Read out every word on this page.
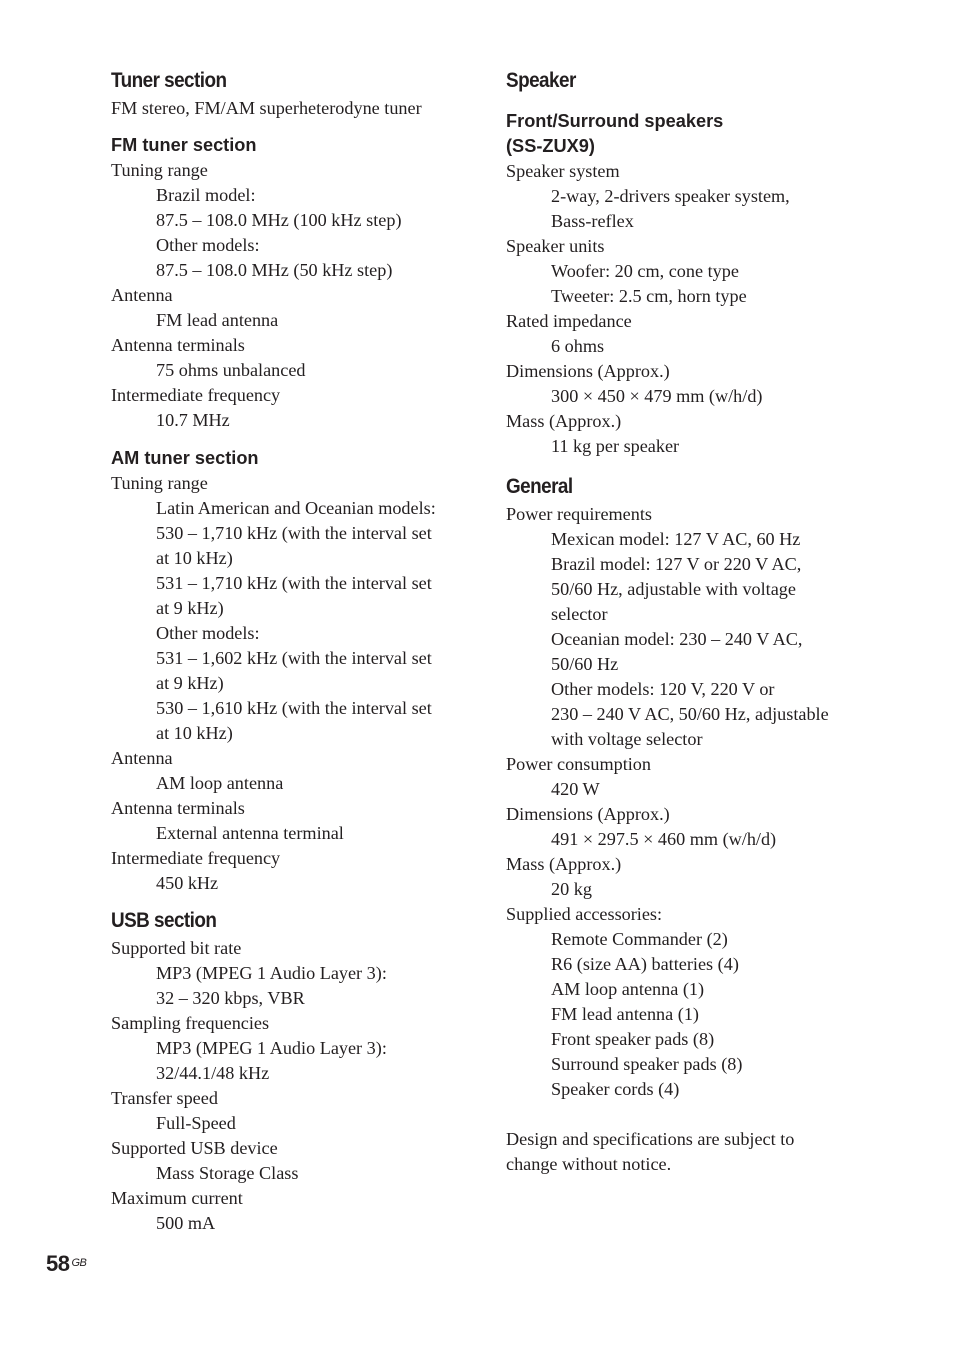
Tuner section
FM stereo, FM/AM superheterodyne tuner
FM tuner section
Tuning range
Brazil model:
87.5 – 108.0 MHz (100 kHz step)
Other models:
87.5 – 108.0 MHz (50 kHz step)
Antenna
FM lead antenna
Antenna terminals
75 ohms unbalanced
Intermediate frequency
10.7 MHz
AM tuner section
Tuning range
Latin American and Oceanian models:
530 – 1,710 kHz (with the interval set
at 10 kHz)
531 – 1,710 kHz (with the interval set
at 9 kHz)
Other models:
531 – 1,602 kHz (with the interval set
at 9 kHz)
530 – 1,610 kHz (with the interval set
at 10 kHz)
Antenna
AM loop antenna
Antenna terminals
External antenna terminal
Intermediate frequency
450 kHz
USB section
Supported bit rate
MP3 (MPEG 1 Audio Layer 3):
32 – 320 kbps, VBR
Sampling frequencies
MP3 (MPEG 1 Audio Layer 3):
32/44.1/48 kHz
Transfer speed
Full-Speed
Supported USB device
Mass Storage Class
Maximum current
500 mA
Speaker
Front/Surround speakers
(SS-ZUX9)
Speaker system
2-way, 2-drivers speaker system,
Bass-reflex
Speaker units
Woofer: 20 cm, cone type
Tweeter: 2.5 cm, horn type
Rated impedance
6 ohms
Dimensions (Approx.)
300 × 450 × 479 mm (w/h/d)
Mass (Approx.)
11 kg per speaker
General
Power requirements
Mexican model: 127 V AC, 60 Hz
Brazil model: 127 V or 220 V AC,
50/60 Hz, adjustable with voltage
selector
Oceanian model: 230 – 240 V AC,
50/60 Hz
Other models: 120 V, 220 V or
230 – 240 V AC, 50/60 Hz, adjustable
with voltage selector
Power consumption
420 W
Dimensions (Approx.)
491 × 297.5 × 460 mm (w/h/d)
Mass (Approx.)
20 kg
Supplied accessories:
Remote Commander (2)
R6 (size AA) batteries (4)
AM loop antenna (1)
FM lead antenna (1)
Front speaker pads (8)
Surround speaker pads (8)
Speaker cords (4)
Design and specifications are subject to
change without notice.
58 $^{GB}$
